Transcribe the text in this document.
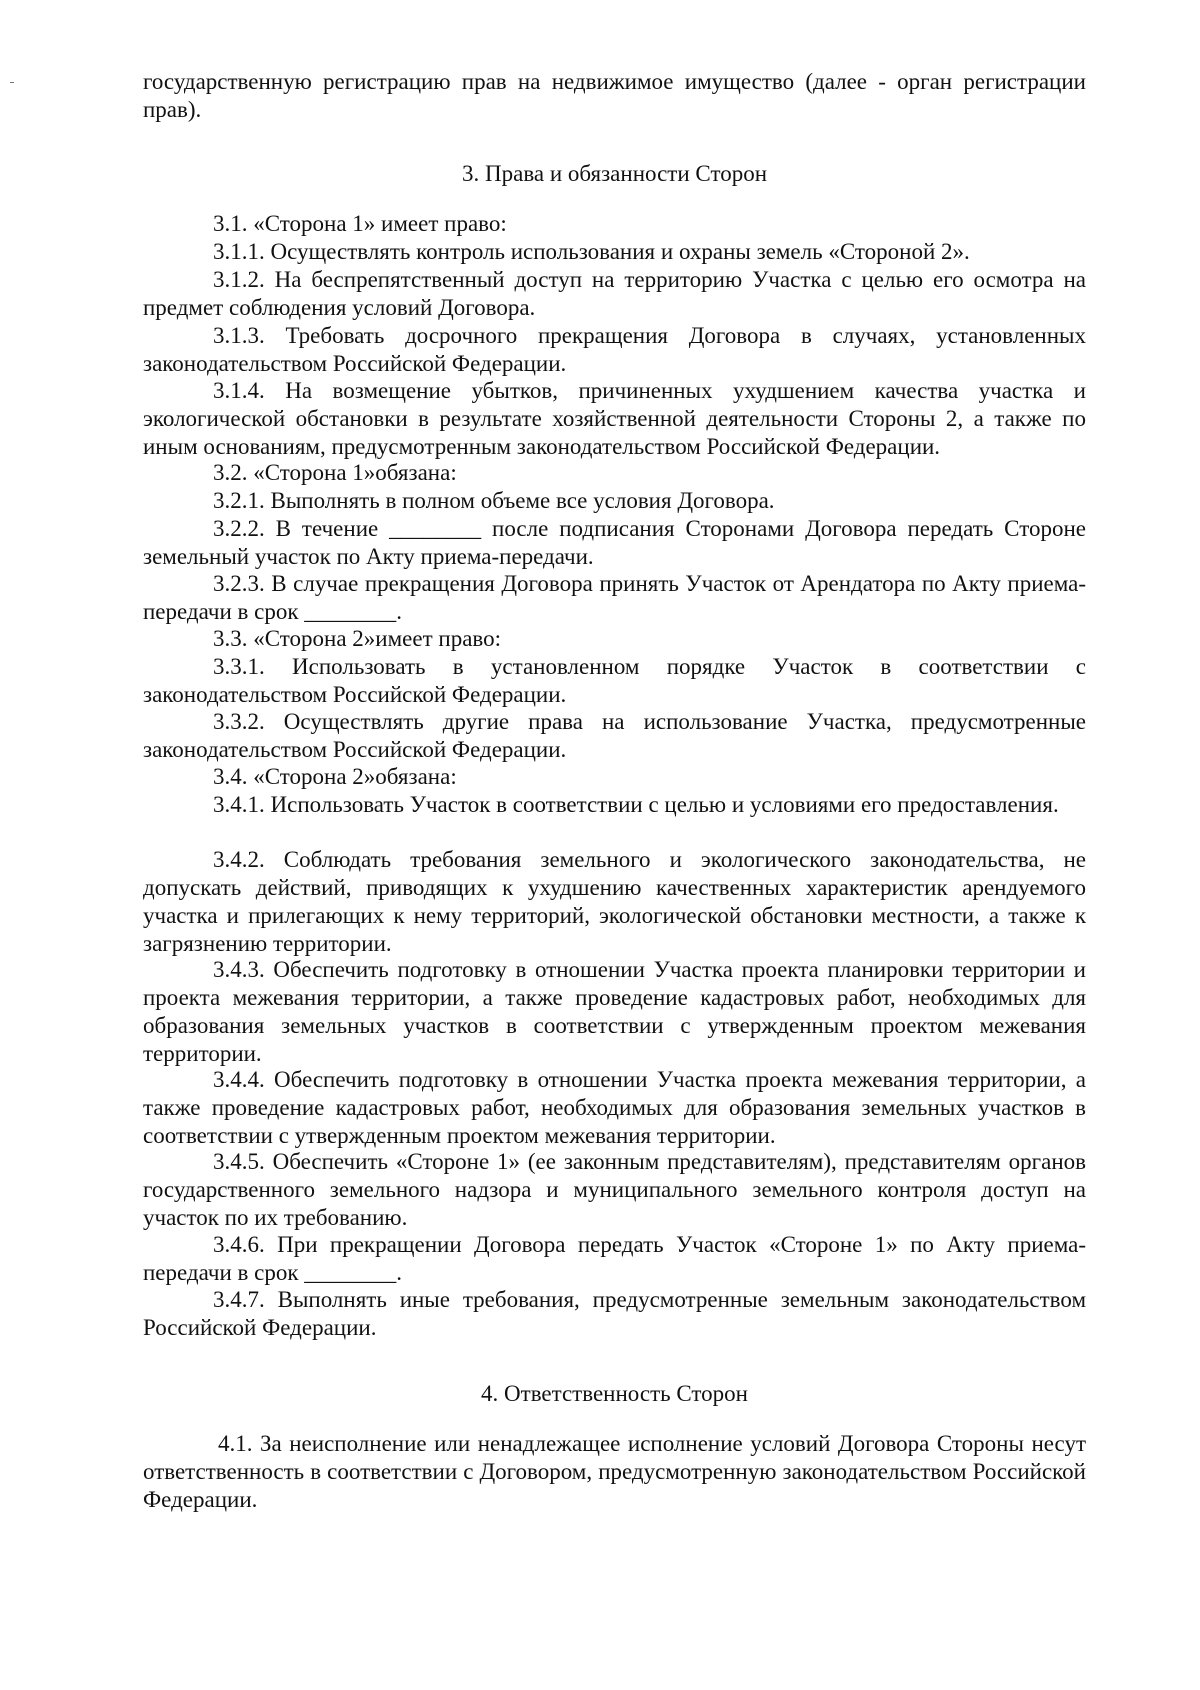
государственную регистрацию прав на недвижимое имущество (далее - орган регистрации прав).

3. Права и обязанности Сторон

3.1. «Сторона 1» имеет право:

3.1.1. Осуществлять контроль использования и охраны земель «Стороной 2».

3.1.2. На беспрепятственный доступ на территорию Участка с целью его осмотра на предмет соблюдения условий Договора.

3.1.3. Требовать досрочного прекращения Договора в случаях, установленных законодательством Российской Федерации.

3.1.4. На возмещение убытков, причиненных ухудшением качества участка и экологической обстановки в результате хозяйственной деятельности Стороны 2, а также по иным основаниям, предусмотренным законодательством Российской Федерации.

3.2. «Сторона 1»обязана:

3.2.1. Выполнять в полном объеме все условия Договора.

3.2.2. В течение ________ после подписания Сторонами Договора передать Стороне земельный участок по Акту приема-передачи.

3.2.3. В случае прекращения Договора принять Участок от Арендатора по Акту приема-передачи в срок ________.

3.3. «Сторона 2»имеет право:

3.3.1. Использовать в установленном порядке Участок в соответствии с законодательством Российской Федерации.

3.3.2. Осуществлять другие права на использование Участка, предусмотренные законодательством Российской Федерации.

3.4. «Сторона 2»обязана:

3.4.1. Использовать Участок в соответствии с целью и условиями его предоставления.

3.4.2. Соблюдать требования земельного и экологического законодательства, не допускать действий, приводящих к ухудшению качественных характеристик арендуемого участка и прилегающих к нему территорий, экологической обстановки местности, а также к загрязнению территории.

3.4.3. Обеспечить подготовку в отношении Участка проекта планировки территории и проекта межевания территории, а также проведение кадастровых работ, необходимых для образования земельных участков в соответствии с утвержденным проектом межевания территории.

3.4.4. Обеспечить подготовку в отношении Участка проекта межевания территории, а также проведение кадастровых работ, необходимых для образования земельных участков в соответствии с утвержденным проектом межевания территории.

3.4.5. Обеспечить «Стороне 1» (ее законным представителям), представителям органов государственного земельного надзора и муниципального земельного контроля доступ на участок по их требованию.

3.4.6. При прекращении Договора передать Участок «Стороне 1» по Акту приема-передачи в срок ________.

3.4.7. Выполнять иные требования, предусмотренные земельным законодательством Российской Федерации.

4. Ответственность Сторон

4.1. За неисполнение или ненадлежащее исполнение условий Договора Стороны несут ответственность в соответствии с Договором, предусмотренную законодательством Российской Федерации.
